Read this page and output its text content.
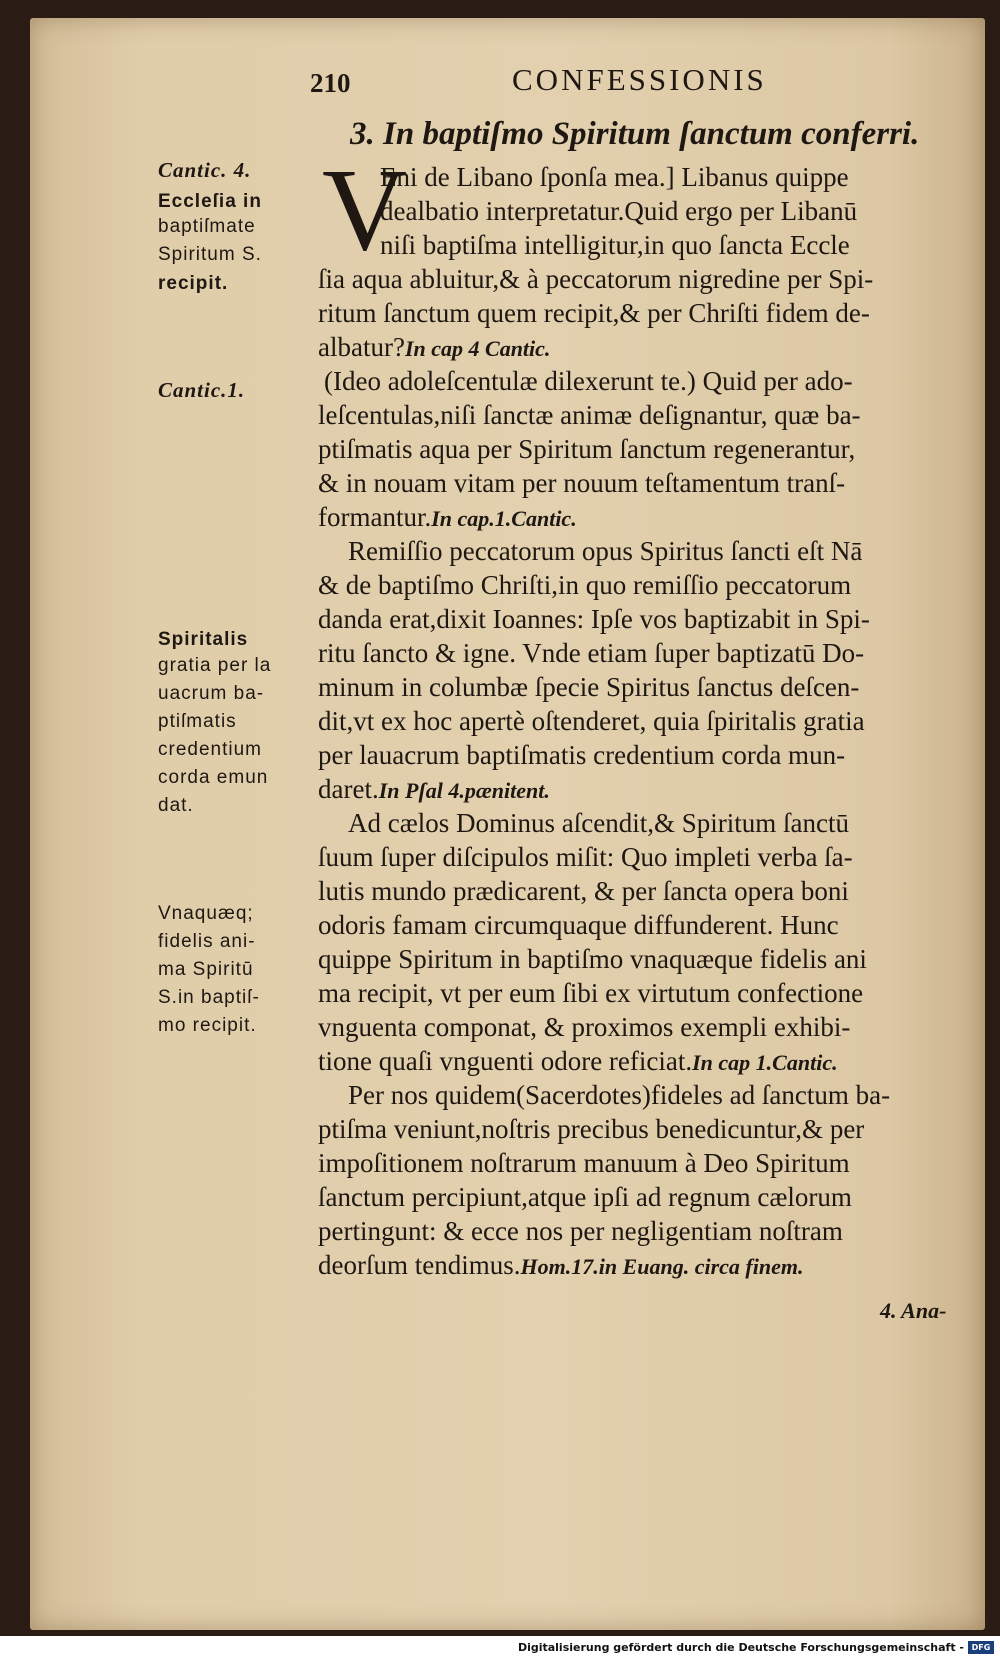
210	CONFESSIONIS
3. In baptiſmo Spiritum ſanctum conferri.
Cantic. 4.
Eccleſia in
baptiſmate
Spiritum S.
recipit.
Cantic.1.
Spiritalis
gratia per la
uacrum ba-
ptiſmatis
credentium
corda emun
dat.
Vnaquæq;
fidelis ani-
ma Spiritū
S.in baptiſ-
mo recipit.
V
Eni de Libano ſponſa mea.] Libanus quippe
dealbatio interpretatur.Quid ergo per Libanū
niſi baptiſma intelligitur,in quo ſancta Eccle
ſia aqua abluitur,& à peccatorum nigredine per Spi-
ritum ſanctum quem recipit,& per Chriſti fidem de-
albatur?In cap 4 Cantic.
(Ideo adoleſcentulæ dilexerunt te.) Quid per ado-
leſcentulas,niſi ſanctæ animæ deſignantur, quæ ba-
ptiſmatis aqua per Spiritum ſanctum regenerantur,
& in nouam vitam per nouum teſtamentum tranſ-
formantur.In cap.1.Cantic.
Remiſſio peccatorum opus Spiritus ſancti eſt Nā
& de baptiſmo Chriſti,in quo remiſſio peccatorum
danda erat,dixit Ioannes: Ipſe vos baptizabit in Spi-
ritu ſancto & igne. Vnde etiam ſuper baptizatū Do-
minum in columbæ ſpecie Spiritus ſanctus deſcen-
dit,vt ex hoc apertè oſtenderet, quia ſpiritalis gratia
per lauacrum baptiſmatis credentium corda mun-
daret.In Pſal 4.pænitent.
Ad cælos Dominus aſcendit,& Spiritum ſanctū
ſuum ſuper diſcipulos miſit: Quo impleti verba ſa-
lutis mundo prædicarent, & per ſancta opera boni
odoris famam circumquaque diffunderent. Hunc
quippe Spiritum in baptiſmo vnaquæque fidelis ani
ma recipit, vt per eum ſibi ex virtutum confectione
vnguenta componat, & proximos exempli exhibi-
tione quaſi vnguenti odore reficiat.In cap 1.Cantic.
Per nos quidem(Sacerdotes)fideles ad ſanctum ba-
ptiſma veniunt,noſtris precibus benedicuntur,& per
impoſitionem noſtrarum manuum à Deo Spiritum
ſanctum percipiunt,atque ipſi ad regnum cælorum
pertingunt: & ecce nos per negligentiam noſtram
deorſum tendimus.Hom.17.in Euang. circa finem.
4. Ana-
Digitalisierung gefördert durch die Deutsche Forschungsgemeinschaft - DFG
